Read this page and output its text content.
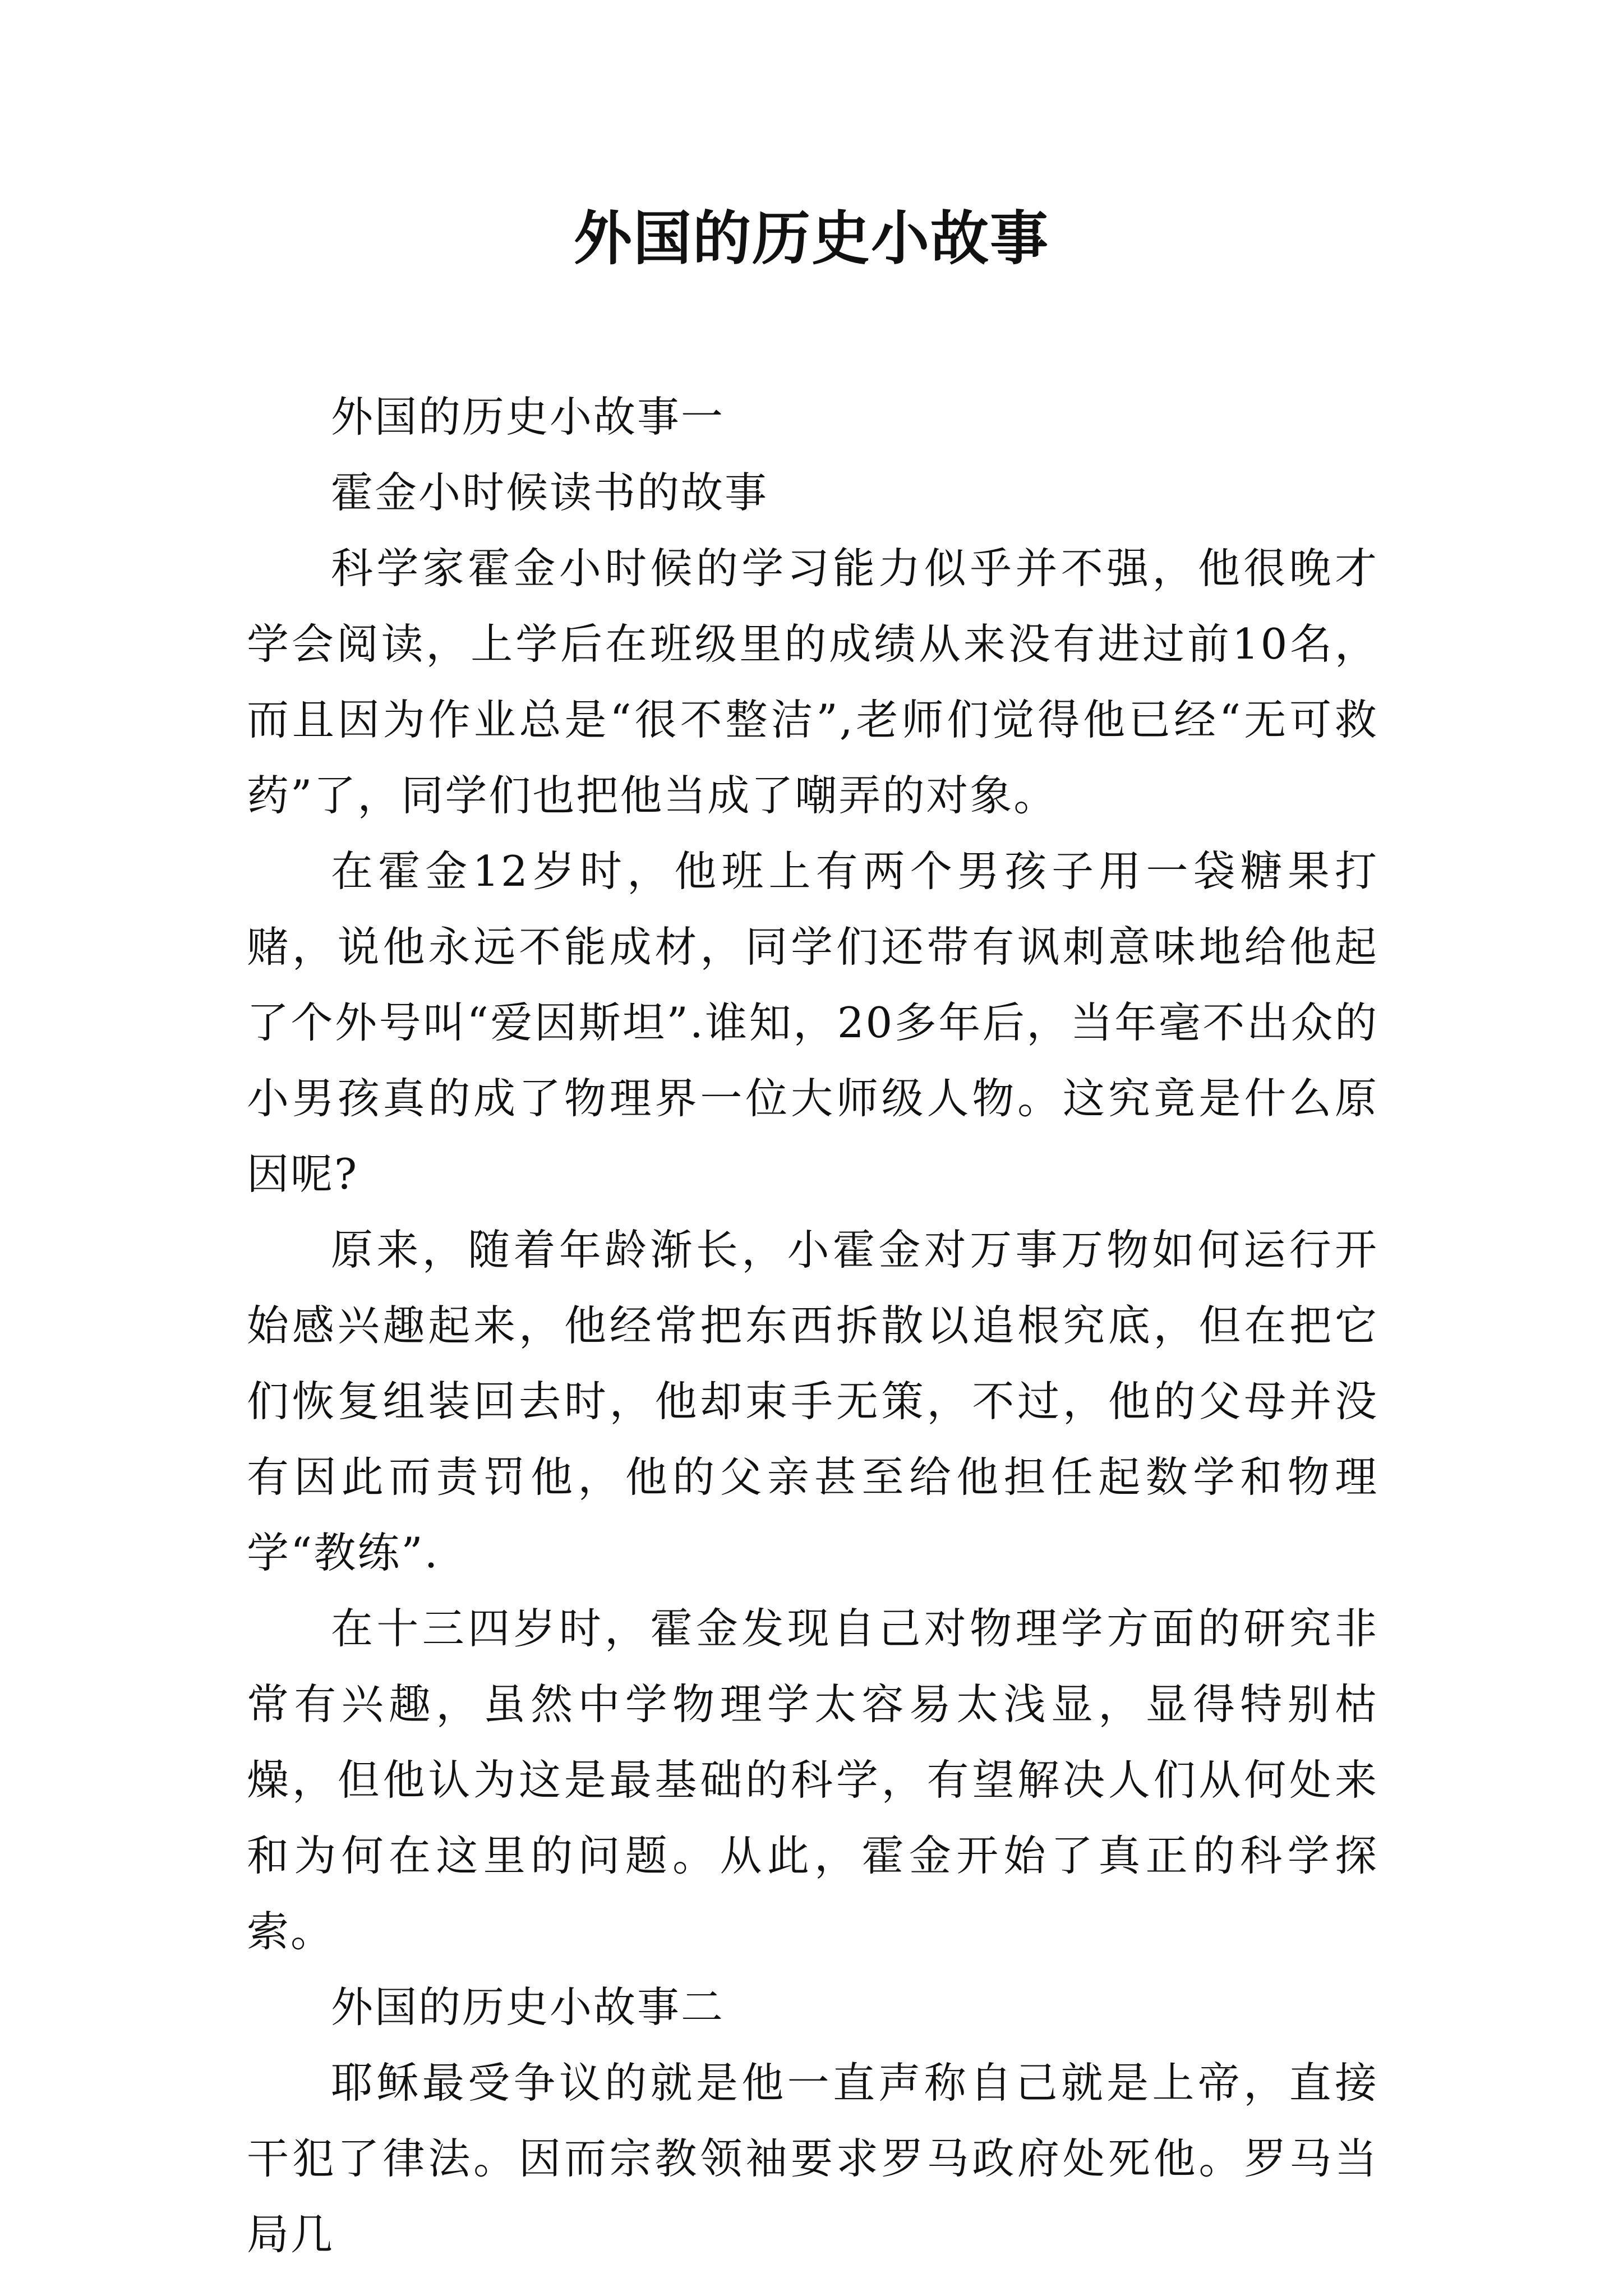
外国的历史小故事

外国的历史小故事一

霍金小时候读书的故事

科学家霍金小时候的学习能力似乎并不强，他很晚才学会阅读，上学后在班级里的成绩从来没有进过前10名，而且因为作业总是“很不整洁”,老师们觉得他已经“无可救药”了，同学们也把他当成了嘲弄的对象。

在霍金12岁时，他班上有两个男孩子用一袋糖果打赌，说他永远不能成材，同学们还带有讽刺意味地给他起了个外号叫“爱因斯坦”.谁知，20多年后，当年毫不出众的小男孩真的成了物理界一位大师级人物。这究竟是什么原因呢?

原来，随着年龄渐长，小霍金对万事万物如何运行开始感兴趣起来，他经常把东西拆散以追根究底，但在把它们恢复组装回去时，他却束手无策，不过，他的父母并没有因此而责罚他，他的父亲甚至给他担任起数学和物理学“教练”.

在十三四岁时，霍金发现自己对物理学方面的研究非常有兴趣，虽然中学物理学太容易太浅显，显得特别枯燥，但他认为这是最基础的科学，有望解决人们从何处来和为何在这里的问题。从此，霍金开始了真正的科学探索。

外国的历史小故事二

耶稣最受争议的就是他一直声称自己就是上帝，直接干犯了律法。因而宗教领袖要求罗马政府处死他。罗马当局几
